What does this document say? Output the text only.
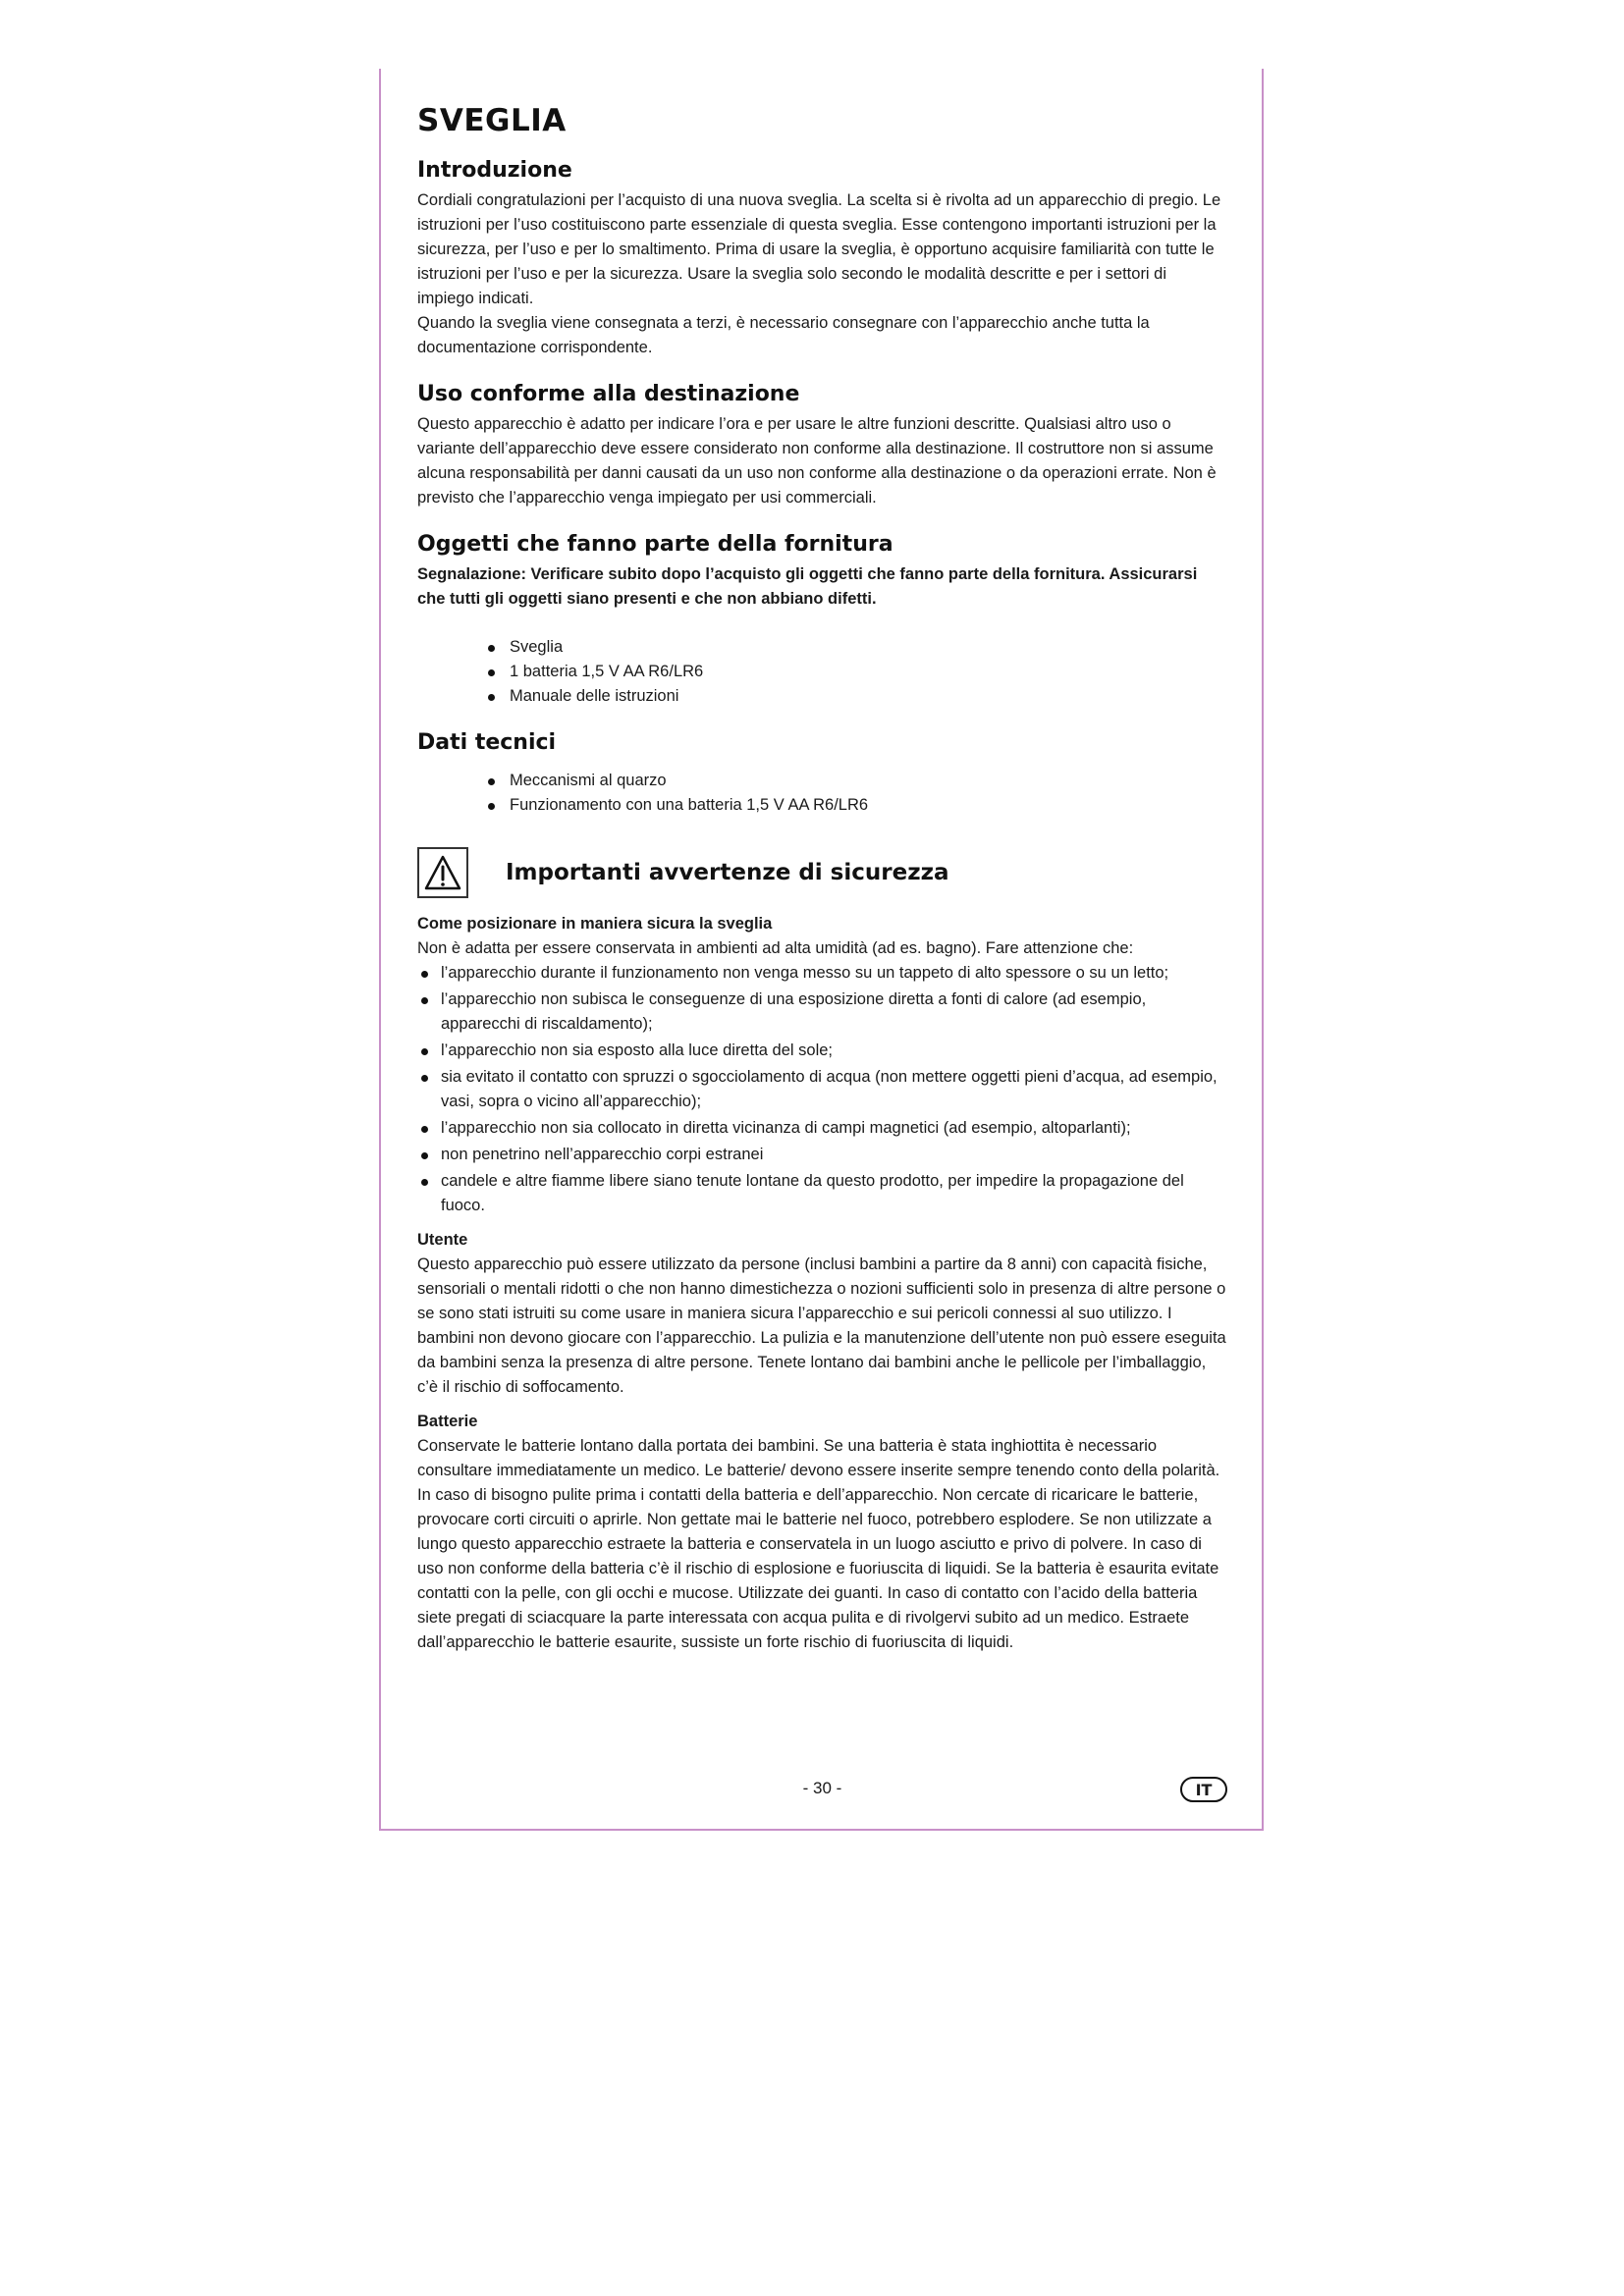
SVEGLIA
Introduzione

Cordiali congratulazioni per l’acquisto di una nuova sveglia. La scelta si è rivolta ad un apparecchio di pregio. Le istruzioni per l’uso costituiscono parte essenziale di questa sveglia. Esse contengono importanti istruzioni per la sicurezza, per l’uso e per lo smaltimento. Prima di usare la sveglia, è opportuno acquisire familiarità con tutte le istruzioni per l’uso e per la sicurezza. Usare la sveglia solo secondo le modalità descritte e per i settori di impiego indicati.

Quando la sveglia viene consegnata a terzi, è necessario consegnare con l’apparecchio anche tutta la documentazione corrispondente.

Uso conforme alla destinazione

Questo apparecchio è adatto per indicare l’ora e per usare le altre funzioni descritte. Qualsiasi altro uso o variante dell’apparecchio deve essere considerato non conforme alla destinazione. Il costruttore non si assume alcuna responsabilità per danni causati da un uso non conforme alla destinazione o da operazioni errate. Non è previsto che l’apparecchio venga impiegato per usi commerciali.

Oggetti che fanno parte della fornitura

Segnalazione: Verificare subito dopo l’acquisto gli oggetti che fanno parte della fornitura. Assicurarsi che tutti gli oggetti siano presenti e che non abbiano difetti.

Sveglia
1 batteria 1,5 V AA R6/LR6
Manuale delle istruzioni
Dati tecnici
Meccanismi al quarzo
Funzionamento con una batteria 1,5 V AA R6/LR6
Importanti avvertenze di sicurezza
Come posizionare in maniera sicura la sveglia

Non è adatta per essere conservata in ambienti ad alta umidità (ad es. bagno). Fare attenzione che:

l’apparecchio durante il funzionamento non venga messo su un tappeto di alto spessore o su un letto;
l’apparecchio non subisca le conseguenze di una esposizione diretta a fonti di calore (ad esempio, apparecchi di riscaldamento);
l’apparecchio non sia esposto alla luce diretta del sole;
sia evitato il contatto con spruzzi o sgocciolamento di acqua (non mettere oggetti pieni d’acqua, ad esempio, vasi, sopra o vicino all’apparecchio);
l’apparecchio non sia collocato in diretta vicinanza di campi magnetici (ad esempio, altoparlanti);
non penetrino nell’apparecchio corpi estranei
candele e altre fiamme libere siano tenute lontane da questo prodotto, per impedire la propagazione del fuoco.
Utente

Questo apparecchio può essere utilizzato da persone (inclusi bambini a partire da 8 anni) con capacità fisiche, sensoriali o mentali ridotti o che non hanno dimestichezza o nozioni sufficienti solo in presenza di altre persone o se sono stati istruiti su come usare in maniera sicura l’apparecchio e sui pericoli connessi al suo utilizzo. I bambini non devono giocare con l’apparecchio. La pulizia e la manutenzione dell’utente non può essere eseguita da bambini senza la presenza di altre persone. Tenete lontano dai bambini anche le pellicole per l’imballaggio, c’è il rischio di soffocamento.

Batterie

Conservate le batterie lontano dalla portata dei bambini. Se una batteria è stata inghiottita è necessario consultare immediatamente un medico. Le batterie/ devono essere inserite sempre tenendo conto della polarità. In caso di bisogno pulite prima i contatti della batteria e dell’apparecchio. Non cercate di ricaricare le batterie, provocare corti circuiti o aprirle. Non gettate mai le batterie nel fuoco, potrebbero esplodere. Se non utilizzate a lungo questo apparecchio estraete la batteria e conservatela in un luogo asciutto e privo di polvere. In caso di uso non conforme della batteria c’è il rischio di esplosione e fuoriuscita di liquidi. Se la batteria è esaurita evitate contatti con la pelle, con gli occhi e mucose. Utilizzate dei guanti. In caso di contatto con l’acido della batteria siete pregati di sciacquare la parte interessata con acqua pulita e di rivolgervi subito ad un medico. Estraete dall’apparecchio le batterie esaurite, sussiste un forte rischio di fuoriuscita di liquidi.

- 30 -	IT
